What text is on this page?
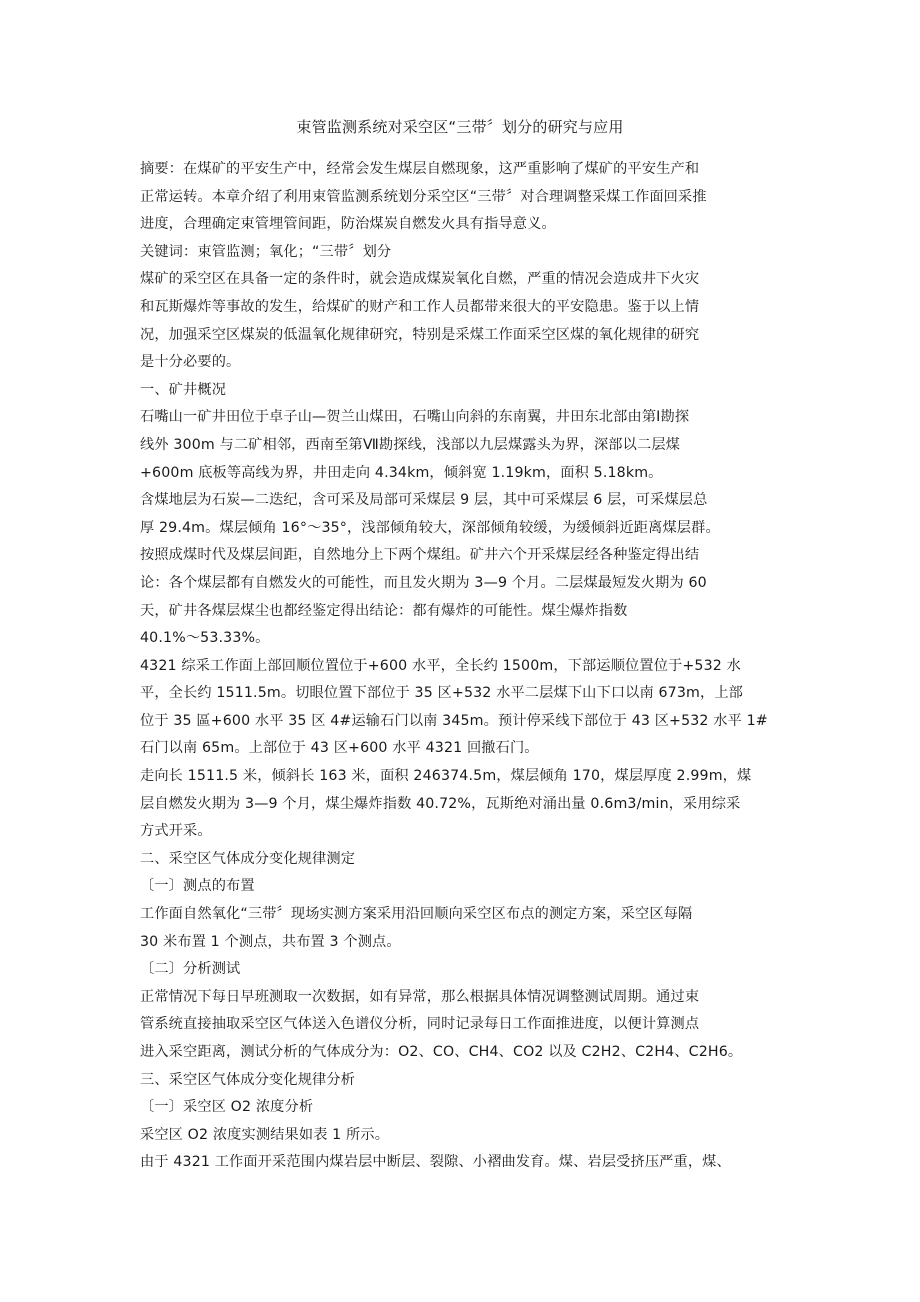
束管监测系统对采空区“三带〞划分的研究与应用
摘要：在煤矿的平安生产中，经常会发生煤层自燃现象，这严重影响了煤矿的平安生产和
正常运转。本章介绍了利用束管监测系统划分采空区“三带〞对合理调整采煤工作面回采推
进度，合理确定束管埋管间距，防治煤炭自燃发火具有指导意义。
关键词：束管监测；氧化；“三带〞划分
煤矿的采空区在具备一定的条件时，就会造成煤炭氧化自燃，严重的情况会造成井下火灾
和瓦斯爆炸等事故的发生，给煤矿的财产和工作人员都带来很大的平安隐患。鉴于以上情
况，加强采空区煤炭的低温氧化规律研究，特别是采煤工作面采空区煤的氧化规律的研究
是十分必要的。
一、矿井概况
石嘴山一矿井田位于卓子山—贺兰山煤田，石嘴山向斜的东南翼，井田东北部由第Ⅰ勘探
线外 300m 与二矿相邻，西南至第Ⅶ勘探线，浅部以九层煤露头为界，深部以二层煤
+600m 底板等高线为界，井田走向 4.34km，倾斜宽 1.19km，面积 5.18km。
含煤地层为石炭—二迭纪，含可采及局部可采煤层 9 层，其中可采煤层 6 层，可采煤层总
厚 29.4m。煤层倾角 16°～35°，浅部倾角较大，深部倾角较缓，为缓倾斜近距离煤层群。
按照成煤时代及煤层间距，自然地分上下两个煤组。矿井六个开采煤层经各种鉴定得出结
论：各个煤层都有自燃发火的可能性，而且发火期为 3—9 个月。二层煤最短发火期为 60
天，矿井各煤层煤尘也都经鉴定得出结论：都有爆炸的可能性。煤尘爆炸指数
40.1%～53.33%。
4321 综采工作面上部回顺位置位于+600 水平，全长约 1500m，下部运顺位置位于+532 水
平，全长约 1511.5m。切眼位置下部位于 35 区+532 水平二层煤下山下口以南 673m，上部
位于 35 區+600 水平 35 区 4#运输石门以南 345m。预计停采线下部位于 43 区+532 水平 1#
石门以南 65m。上部位于 43 区+600 水平 4321 回撤石门。
走向长 1511.5 米，倾斜长 163 米，面积 246374.5m，煤层倾角 170，煤层厚度 2.99m，煤
层自燃发火期为 3—9 个月，煤尘爆炸指数 40.72%，瓦斯绝对涌出量 0.6m3/min，采用综采
方式开采。
二、采空区气体成分变化规律测定
〔一〕测点的布置
工作面自然氧化“三带〞现场实测方案采用沿回顺向采空区布点的测定方案，采空区每隔
30 米布置 1 个测点，共布置 3 个测点。
〔二〕分析测试
正常情况下每日早班测取一次数据，如有异常，那么根据具体情况调整测试周期。通过束
管系统直接抽取采空区气体送入色谱仪分析，同时记录每日工作面推进度，以便计算测点
进入采空距离，测试分析的气体成分为：O2、CO、CH4、CO2 以及 C2H2、C2H4、C2H6。
三、采空区气体成分变化规律分析
〔一〕采空区 O2 浓度分析
采空区 O2 浓度实测结果如表 1 所示。
由于 4321 工作面开采范围内煤岩层中断层、裂隙、小褶曲发育。煤、岩层受挤压严重，煤、
